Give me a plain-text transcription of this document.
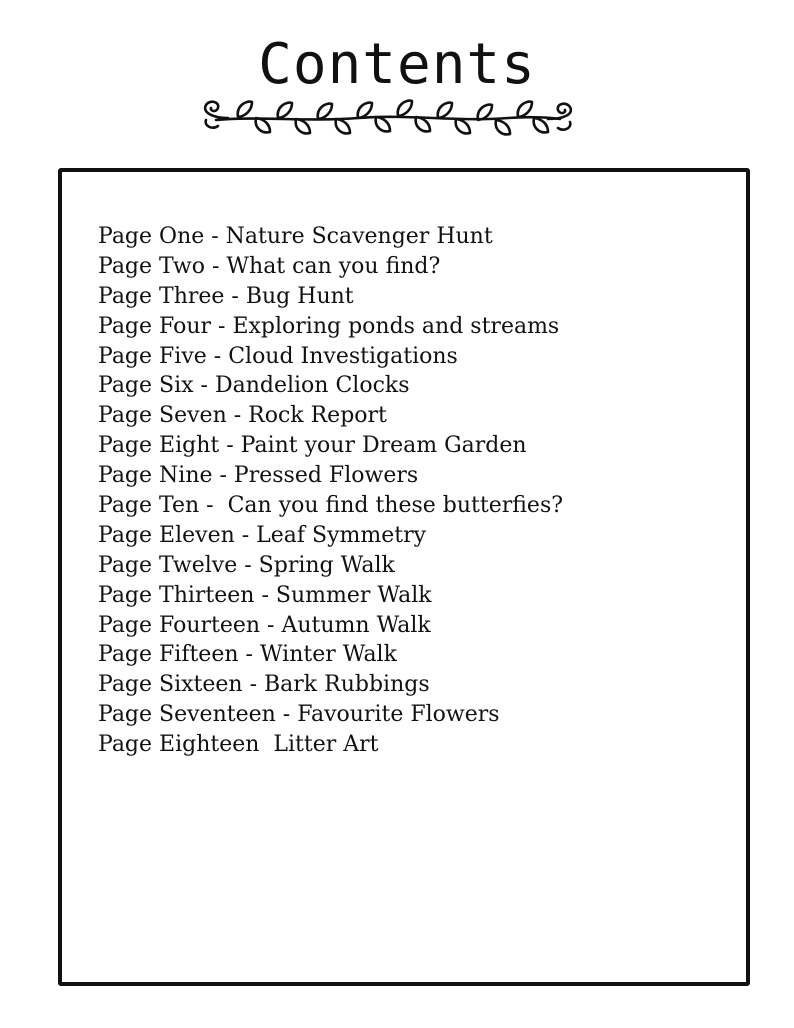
Contents
Page One - Nature Scavenger Hunt
Page Two - What can you find?
Page Three - Bug Hunt
Page Four - Exploring ponds and streams
Page Five - Cloud Investigations
Page Six - Dandelion Clocks
Page Seven - Rock Report
Page Eight - Paint your Dream Garden
Page Nine - Pressed Flowers
Page Ten -  Can you find these butterfies?
Page Eleven - Leaf Symmetry
Page Twelve - Spring Walk
Page Thirteen - Summer Walk
Page Fourteen - Autumn Walk
Page Fifteen - Winter Walk
Page Sixteen - Bark Rubbings
Page Seventeen - Favourite Flowers
Page Eighteen  Litter Art
